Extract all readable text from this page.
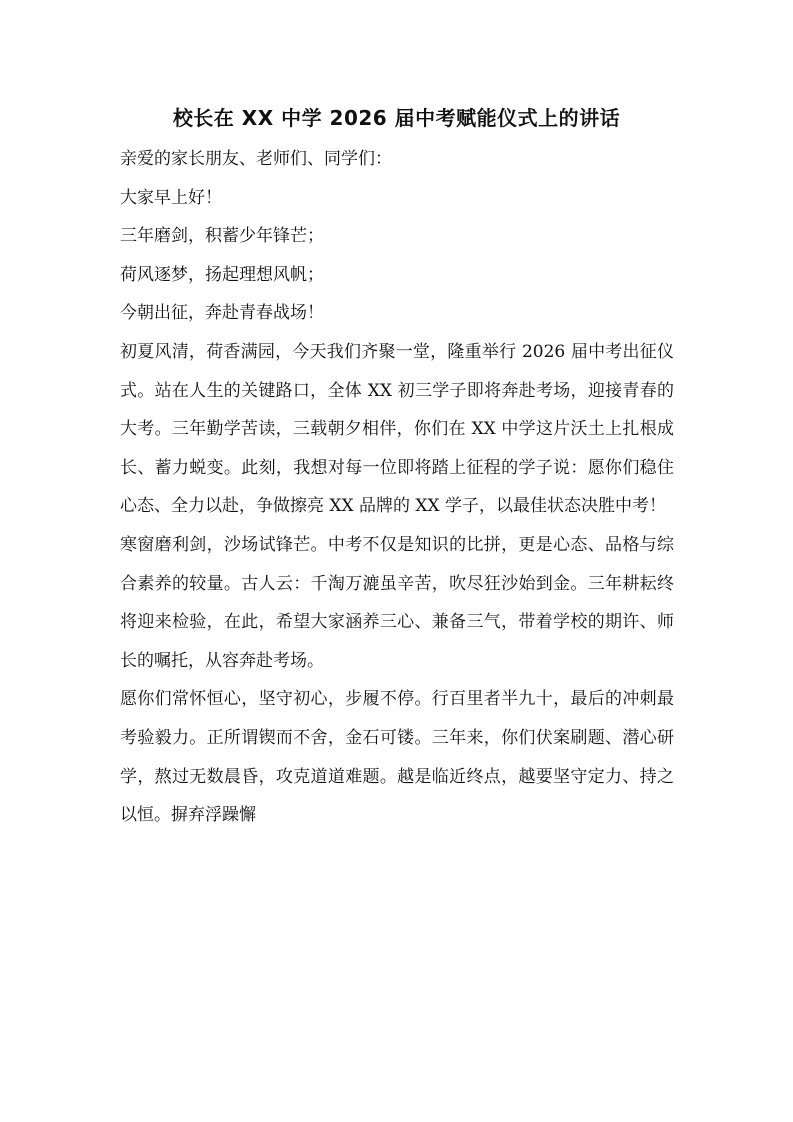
校长在 XX 中学 2026 届中考赋能仪式上的讲话

亲爱的家长朋友、老师们、同学们：

大家早上好！

三年磨剑，积蓄少年锋芒；

荷风逐梦，扬起理想风帆；

今朝出征，奔赴青春战场！

初夏风清，荷香满园，今天我们齐聚一堂，隆重举行 2026 届中考出征仪式。站在人生的关键路口，全体 XX 初三学子即将奔赴考场，迎接青春的大考。三年勤学苦读，三载朝夕相伴，你们在 XX 中学这片沃土上扎根成长、蓄力蜕变。此刻，我想对每一位即将踏上征程的学子说：愿你们稳住心态、全力以赴，争做擦亮 XX 品牌的 XX 学子，以最佳状态决胜中考！

寒窗磨利剑，沙场试锋芒。中考不仅是知识的比拼，更是心态、品格与综合素养的较量。古人云：千淘万漉虽辛苦，吹尽狂沙始到金。三年耕耘终将迎来检验，在此，希望大家涵养三心、兼备三气，带着学校的期许、师长的嘱托，从容奔赴考场。

愿你们常怀恒心，坚守初心，步履不停。行百里者半九十，最后的冲刺最考验毅力。正所谓锲而不舍，金石可镂。三年来，你们伏案刷题、潜心研学，熬过无数晨昏，攻克道道难题。越是临近终点，越要坚守定力、持之以恒。摒弃浮躁懈
